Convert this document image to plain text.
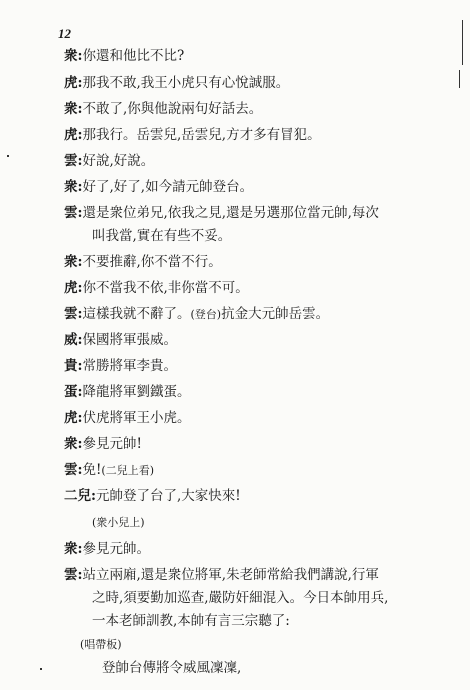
12
衆:你還和他比不比?
虎:那我不敢,我王小虎只有心悅誠服。
衆:不敢了,你與他說兩句好話去。
虎:那我行。岳雲兒,岳雲兒,方才多有冒犯。
雲:好說,好說。
衆:好了,好了,如今請元帥登台。
雲:還是衆位弟兄,依我之見,還是另選那位當元帥,每次
叫我當,實在有些不妥。
衆:不要推辭,你不當不行。
虎:你不當我不依,非你當不可。
雲:這樣我就不辭了。(登台)抗金大元帥岳雲。
威:保國將軍張威。
貴:常勝將軍李貴。
蛋:降龍將軍劉鐵蛋。
虎:伏虎將軍王小虎。
衆:參見元帥!
雲:免!(二兒上看)
二兒:元帥登了台了,大家快來!
(衆小兒上)
衆:參見元帥。
雲:站立兩廂,還是衆位將軍,朱老師常給我們講說,行軍
之時,須要勤加巡查,嚴防奸細混入。今日本帥用兵,
一本老師訓教,本帥有言三宗聽了:
(唱帶板)
登帥台傳將令威風凜凜,
